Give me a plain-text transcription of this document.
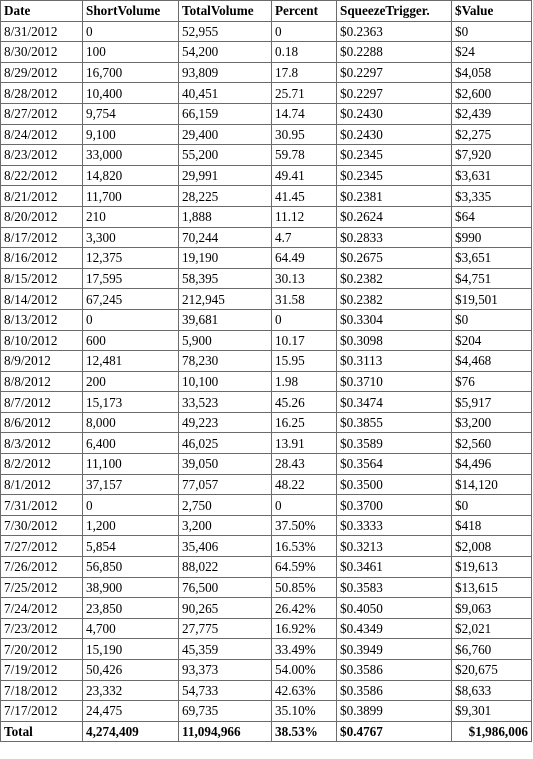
Date	ShortVolume	TotalVolume	Percent	SqueezeTrigger.	$Value
8/31/2012	0	52,955	0	$0.2363	$0
8/30/2012	100	54,200	0.18	$0.2288	$24
8/29/2012	16,700	93,809	17.8	$0.2297	$4,058
8/28/2012	10,400	40,451	25.71	$0.2297	$2,600
8/27/2012	9,754	66,159	14.74	$0.2430	$2,439
8/24/2012	9,100	29,400	30.95	$0.2430	$2,275
8/23/2012	33,000	55,200	59.78	$0.2345	$7,920
8/22/2012	14,820	29,991	49.41	$0.2345	$3,631
8/21/2012	11,700	28,225	41.45	$0.2381	$3,335
8/20/2012	210	1,888	11.12	$0.2624	$64
8/17/2012	3,300	70,244	4.7	$0.2833	$990
8/16/2012	12,375	19,190	64.49	$0.2675	$3,651
8/15/2012	17,595	58,395	30.13	$0.2382	$4,751
8/14/2012	67,245	212,945	31.58	$0.2382	$19,501
8/13/2012	0	39,681	0	$0.3304	$0
8/10/2012	600	5,900	10.17	$0.3098	$204
8/9/2012	12,481	78,230	15.95	$0.3113	$4,468
8/8/2012	200	10,100	1.98	$0.3710	$76
8/7/2012	15,173	33,523	45.26	$0.3474	$5,917
8/6/2012	8,000	49,223	16.25	$0.3855	$3,200
8/3/2012	6,400	46,025	13.91	$0.3589	$2,560
8/2/2012	11,100	39,050	28.43	$0.3564	$4,496
8/1/2012	37,157	77,057	48.22	$0.3500	$14,120
7/31/2012	0	2,750	0	$0.3700	$0
7/30/2012	1,200	3,200	37.50%	$0.3333	$418
7/27/2012	5,854	35,406	16.53%	$0.3213	$2,008
7/26/2012	56,850	88,022	64.59%	$0.3461	$19,613
7/25/2012	38,900	76,500	50.85%	$0.3583	$13,615
7/24/2012	23,850	90,265	26.42%	$0.4050	$9,063
7/23/2012	4,700	27,775	16.92%	$0.4349	$2,021
7/20/2012	15,190	45,359	33.49%	$0.3949	$6,760
7/19/2012	50,426	93,373	54.00%	$0.3586	$20,675
7/18/2012	23,332	54,733	42.63%	$0.3586	$8,633
7/17/2012	24,475	69,735	35.10%	$0.3899	$9,301
Total	4,274,409	11,094,966	38.53%	$0.4767	$1,986,006
